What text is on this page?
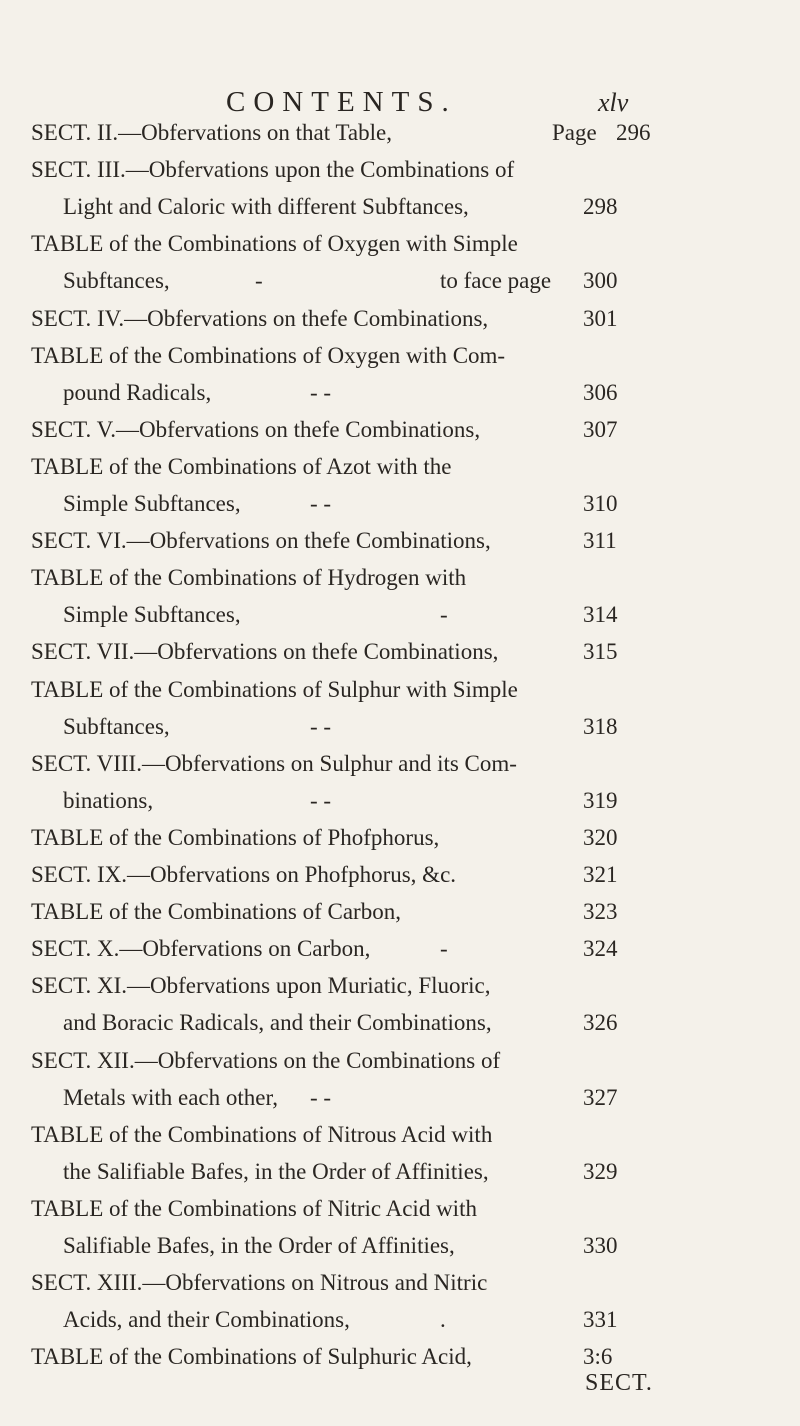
CONTENTS.	xlv
SECT. II.—Obfervations on that Table,	Page 296
SECT. III.—Obfervations upon the Combinations of
Light and Caloric with different Subftances,	298
TABLE of the Combinations of Oxygen with Simple
Subftances,	-	to face page 300
SECT. IV.—Obfervations on thefe Combinations,	301
TABLE of the Combinations of Oxygen with Com-
pound Radicals,	- -	306
SECT. V.—Obfervations on thefe Combinations,	307
TABLE of the Combinations of Azot with the
Simple Subftances,	- -	310
SECT. VI.—Obfervations on thefe Combinations,	311
TABLE of the Combinations of Hydrogen with
Simple Subftances,	-	314
SECT. VII.—Obfervations on thefe Combinations,	315
TABLE of the Combinations of Sulphur with Simple
Subftances,	- -	318
SECT. VIII.—Obfervations on Sulphur and its Com-
binations,	- -	319
TABLE of the Combinations of Phofphorus,	320
SECT. IX.—Obfervations on Phofphorus, &c.	321
TABLE of the Combinations of Carbon,	323
SECT. X.—Obfervations on Carbon,	-	324
SECT. XI.—Obfervations upon Muriatic, Fluoric,
and Boracic Radicals, and their Combinations,	326
SECT. XII.—Obfervations on the Combinations of
Metals with each other, - -	327
TABLE of the Combinations of Nitrous Acid with
the Salifiable Bafes, in the Order of Affinities,	329
TABLE of the Combinations of Nitric Acid with
Salifiable Bafes, in the Order of Affinities,	330
SECT. XIII.—Obfervations on Nitrous and Nitric
Acids, and their Combinations,	.	331
TABLE of the Combinations of Sulphuric Acid,	3:6
SECT.
